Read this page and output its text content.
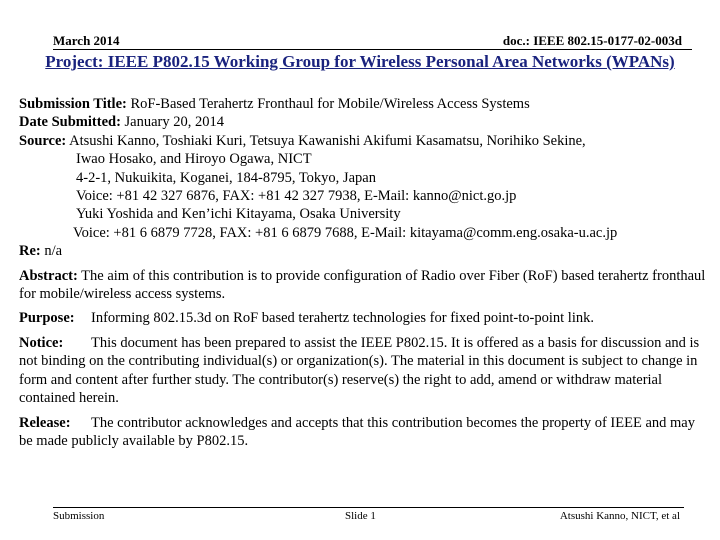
March 2014	doc.: IEEE 802.15-0177-02-003d
Project: IEEE P802.15 Working Group for Wireless Personal Area Networks (WPANs)
Submission Title: RoF-Based Terahertz Fronthaul for Mobile/Wireless Access Systems
Date Submitted: January 20, 2014
Source: Atsushi Kanno, Toshiaki Kuri, Tetsuya Kawanishi Akifumi Kasamatsu, Norihiko Sekine,
Iwao Hosako, and Hiroyo Ogawa, NICT
4-2-1, Nukuikita, Koganei, 184-8795, Tokyo, Japan
Voice: +81 42 327 6876, FAX: +81 42 327 7938, E-Mail: kanno@nict.go.jp
Yuki Yoshida and Ken’ichi Kitayama, Osaka University
Voice: +81 6 6879 7728, FAX: +81 6 6879 7688, E-Mail: kitayama@comm.eng.osaka-u.ac.jp
Re: n/a
Abstract: The aim of this contribution is to provide configuration of Radio over Fiber (RoF) based terahertz fronthaul for mobile/wireless access systems.
Purpose: Informing 802.15.3d on RoF based terahertz technologies for fixed point-to-point link.
Notice: This document has been prepared to assist the IEEE P802.15. It is offered as a basis for discussion and is not binding on the contributing individual(s) or organization(s). The material in this document is subject to change in form and content after further study. The contributor(s) reserve(s) the right to add, amend or withdraw material contained herein.
Release: The contributor acknowledges and accepts that this contribution becomes the property of IEEE and may be made publicly available by P802.15.
Submission	Slide 1	Atsushi Kanno, NICT, et al
